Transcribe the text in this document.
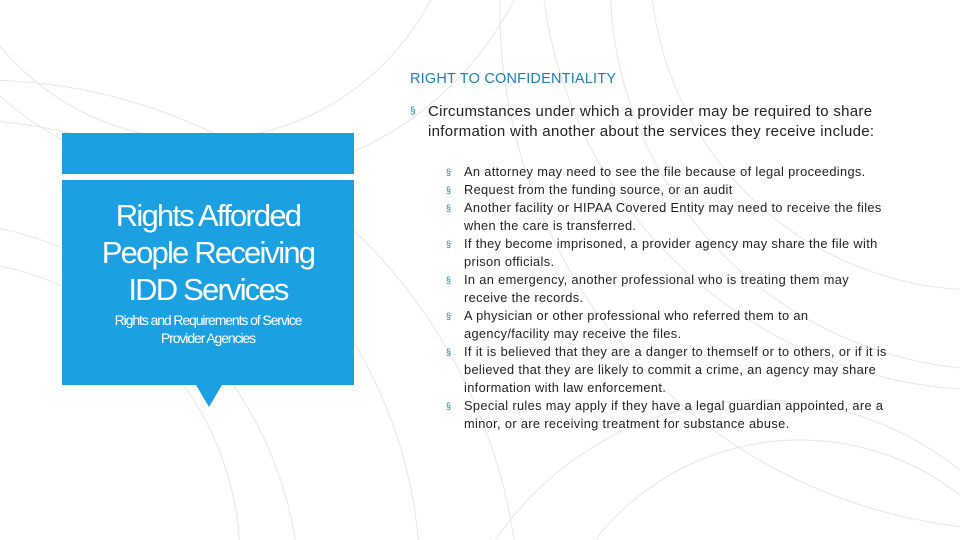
Rights Afforded
People Receiving
IDD Services
Rights and Requirements of Service
Provider Agencies
RIGHT TO CONFIDENTIALITY
§ Circumstances under which a provider may be required to share information with another about the services they receive include:
§ An attorney may need to see the file because of legal proceedings.
§ Request from the funding source, or an audit
§ Another facility or HIPAA Covered Entity may need to receive the files when the care is transferred.
§ If they become imprisoned, a provider agency may share the file with prison officials.
§ In an emergency, another professional who is treating them may receive the records.
§ A physician or other professional who referred them to an agency/facility may receive the files.
§ If it is believed that they are a danger to themself or to others, or if it is believed that they are likely to commit a crime, an agency may share information with law enforcement.
§ Special rules may apply if they have a legal guardian appointed, are a minor, or are receiving treatment for substance abuse.
